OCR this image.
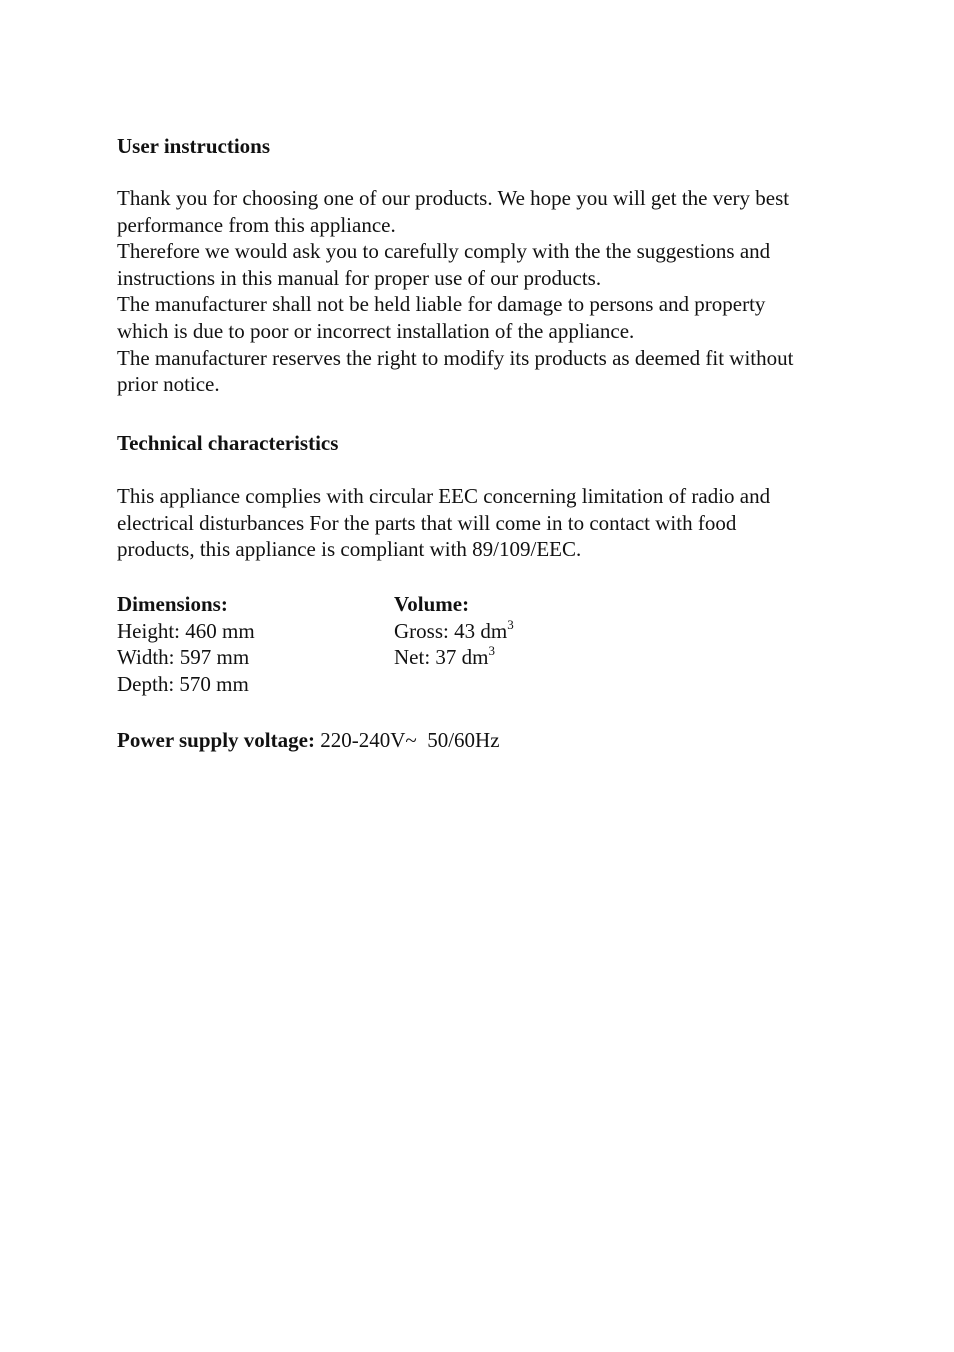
User instructions

Thank you for choosing one of our products. We hope you will get the very best

performance from this appliance.

Therefore we would ask you to carefully comply with the the suggestions and

instructions in this manual for proper use of our products.

The manufacturer shall not be held liable for damage to persons and property

which is due to poor or incorrect installation of the appliance.

The manufacturer reserves the right to modify its products as deemed fit without

prior notice.

Technical characteristics

This appliance complies with circular EEC concerning limitation of radio and

electrical disturbances For the parts that will come in to contact with food

products, this appliance is compliant with 89/109/EEC.

Dimensions:
Height: 460 mm
Width: 597 mm
Depth: 570 mm
Volume:
Gross: 43 $dm^3$
Net: 37 $dm^3$
Power supply voltage: 220-240V~  50/60Hz
